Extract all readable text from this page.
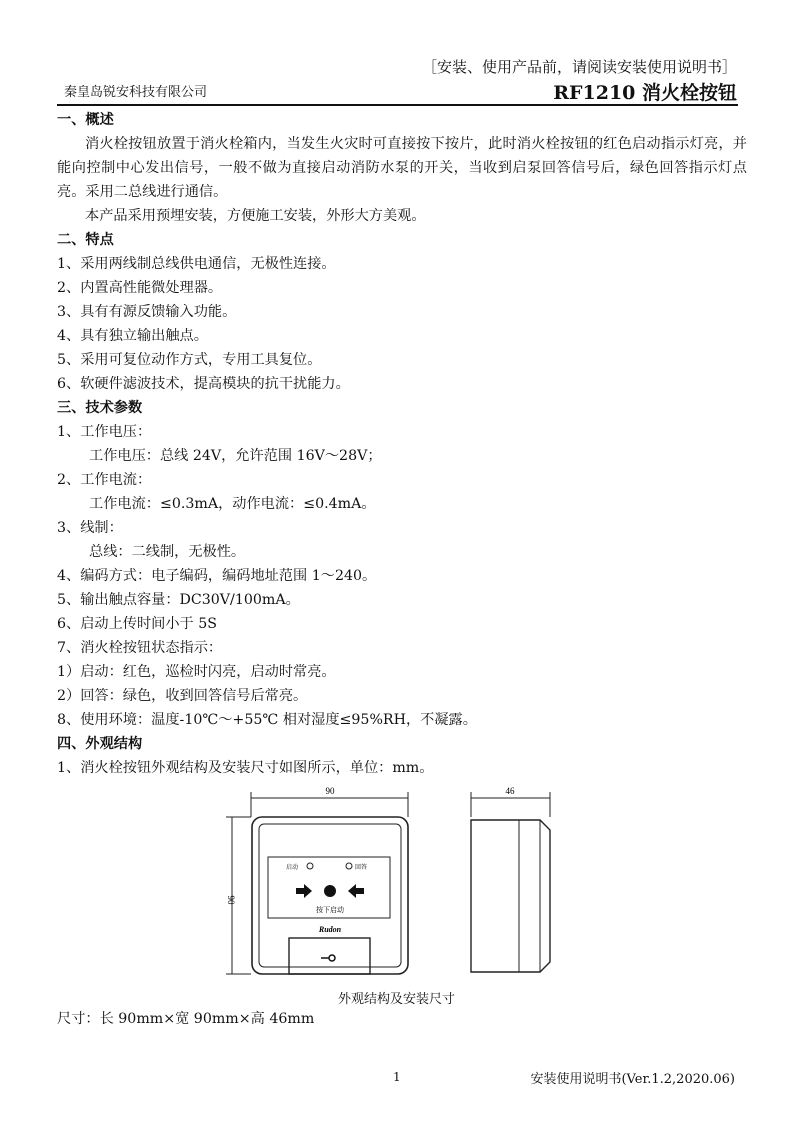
［安装、使用产品前，请阅读安装使用说明书］
秦皇岛锐安科技有限公司	RF1210 消火栓按钮
一、概述
消火栓按钮放置于消火栓箱内，当发生火灾时可直接按下按片，此时消火栓按钮的红色启动指示灯亮，并能向控制中心发出信号，一般不做为直接启动消防水泵的开关，当收到启泵回答信号后，绿色回答指示灯点亮。采用二总线进行通信。
本产品采用预埋安装，方便施工安装，外形大方美观。
二、特点
1、采用两线制总线供电通信，无极性连接。
2、内置高性能微处理器。
3、具有有源反馈输入功能。
4、具有独立输出触点。
5、采用可复位动作方式，专用工具复位。
6、软硬件滤波技术，提高模块的抗干扰能力。
三、技术参数
1、工作电压：
工作电压：总线 24V，允许范围 16V～28V；
2、工作电流：
工作电流：≤0.3mA，动作电流：≤0.4mA。
3、线制：
总线：二线制，无极性。
4、编码方式：电子编码，编码地址范围 1～240。
5、输出触点容量：DC30V/100mA。
6、启动上传时间小于 5S
7、消火栓按钮状态指示：
1）启动：红色，巡检时闪亮，启动时常亮。
2）回答：绿色，收到回答信号后常亮。
8、使用环境：温度-10℃～+55℃ 相对湿度≤95%RH，不凝露。
四、外观结构
1、消火栓按钮外观结构及安装尺寸如图所示，单位：mm。
90	46
90
启动	回答
按下启动
Rudon
外观结构及安装尺寸
尺寸：长 90mm×宽 90mm×高 46mm
1	安装使用说明书(Ver.1.2,2020.06)
